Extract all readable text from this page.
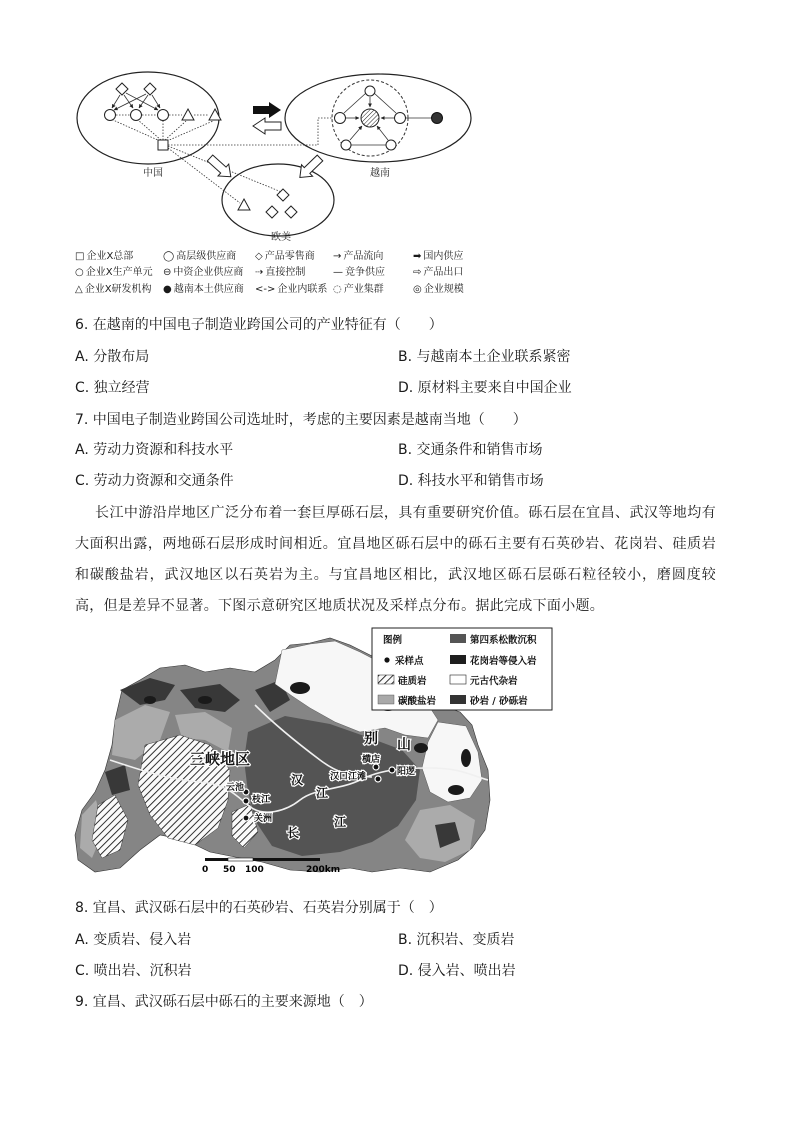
中国	越南
欧美
□ 企业X总部	◯ 高层级供应商 ◇ 产品零售商 → 产品流向	➡ 国内供应
○ 企业X生产单元 ⊖ 中资企业供应商 ⇢ 直接控制	— 竞争供应	⇨ 产品出口
△ 企业X研发机构 ● 越南本土供应商 <-> 企业内联系 ◌ 产业集群	◎ 企业规模
6. 在越南的中国电子制造业跨国公司的产业特征有（　　）
A. 分散布局	B. 与越南本土企业联系紧密
C. 独立经营	D. 原材料主要来自中国企业
7. 中国电子制造业跨国公司选址时，考虑的主要因素是越南当地（　　）
A. 劳动力资源和科技水平	B. 交通条件和销售市场
C. 劳动力资源和交通条件	D. 科技水平和销售市场
长江中游沿岸地区广泛分布着一套巨厚砾石层，具有重要研究价值。砾石层在宜昌、武汉等地均有大面积出露，两地砾石层形成时间相近。宜昌地区砾石层中的砾石主要有石英砂岩、花岗岩、硅质岩和碳酸盐岩，武汉地区以石英岩为主。与宜昌地区相比，武汉地区砾石层砾石粒径较小，磨圆度较高，但是差异不显著。下图示意研究区地质状况及采样点分布。据此完成下面小题。
三峡地区
别 山
横店
阳逻
汉口江滩
汉
江
云池
枝江
关洲
长
江
图例	第四系松散沉积
采样点	花岗岩等侵入岩
硅质岩	元古代杂岩
碳酸盐岩	砂岩 / 砂砾岩
0 50 100	200km
8. 宜昌、武汉砾石层中的石英砂岩、石英岩分别属于（　）
A. 变质岩、侵入岩	B. 沉积岩、变质岩
C. 喷出岩、沉积岩	D. 侵入岩、喷出岩
9. 宜昌、武汉砾石层中砾石的主要来源地（　）
